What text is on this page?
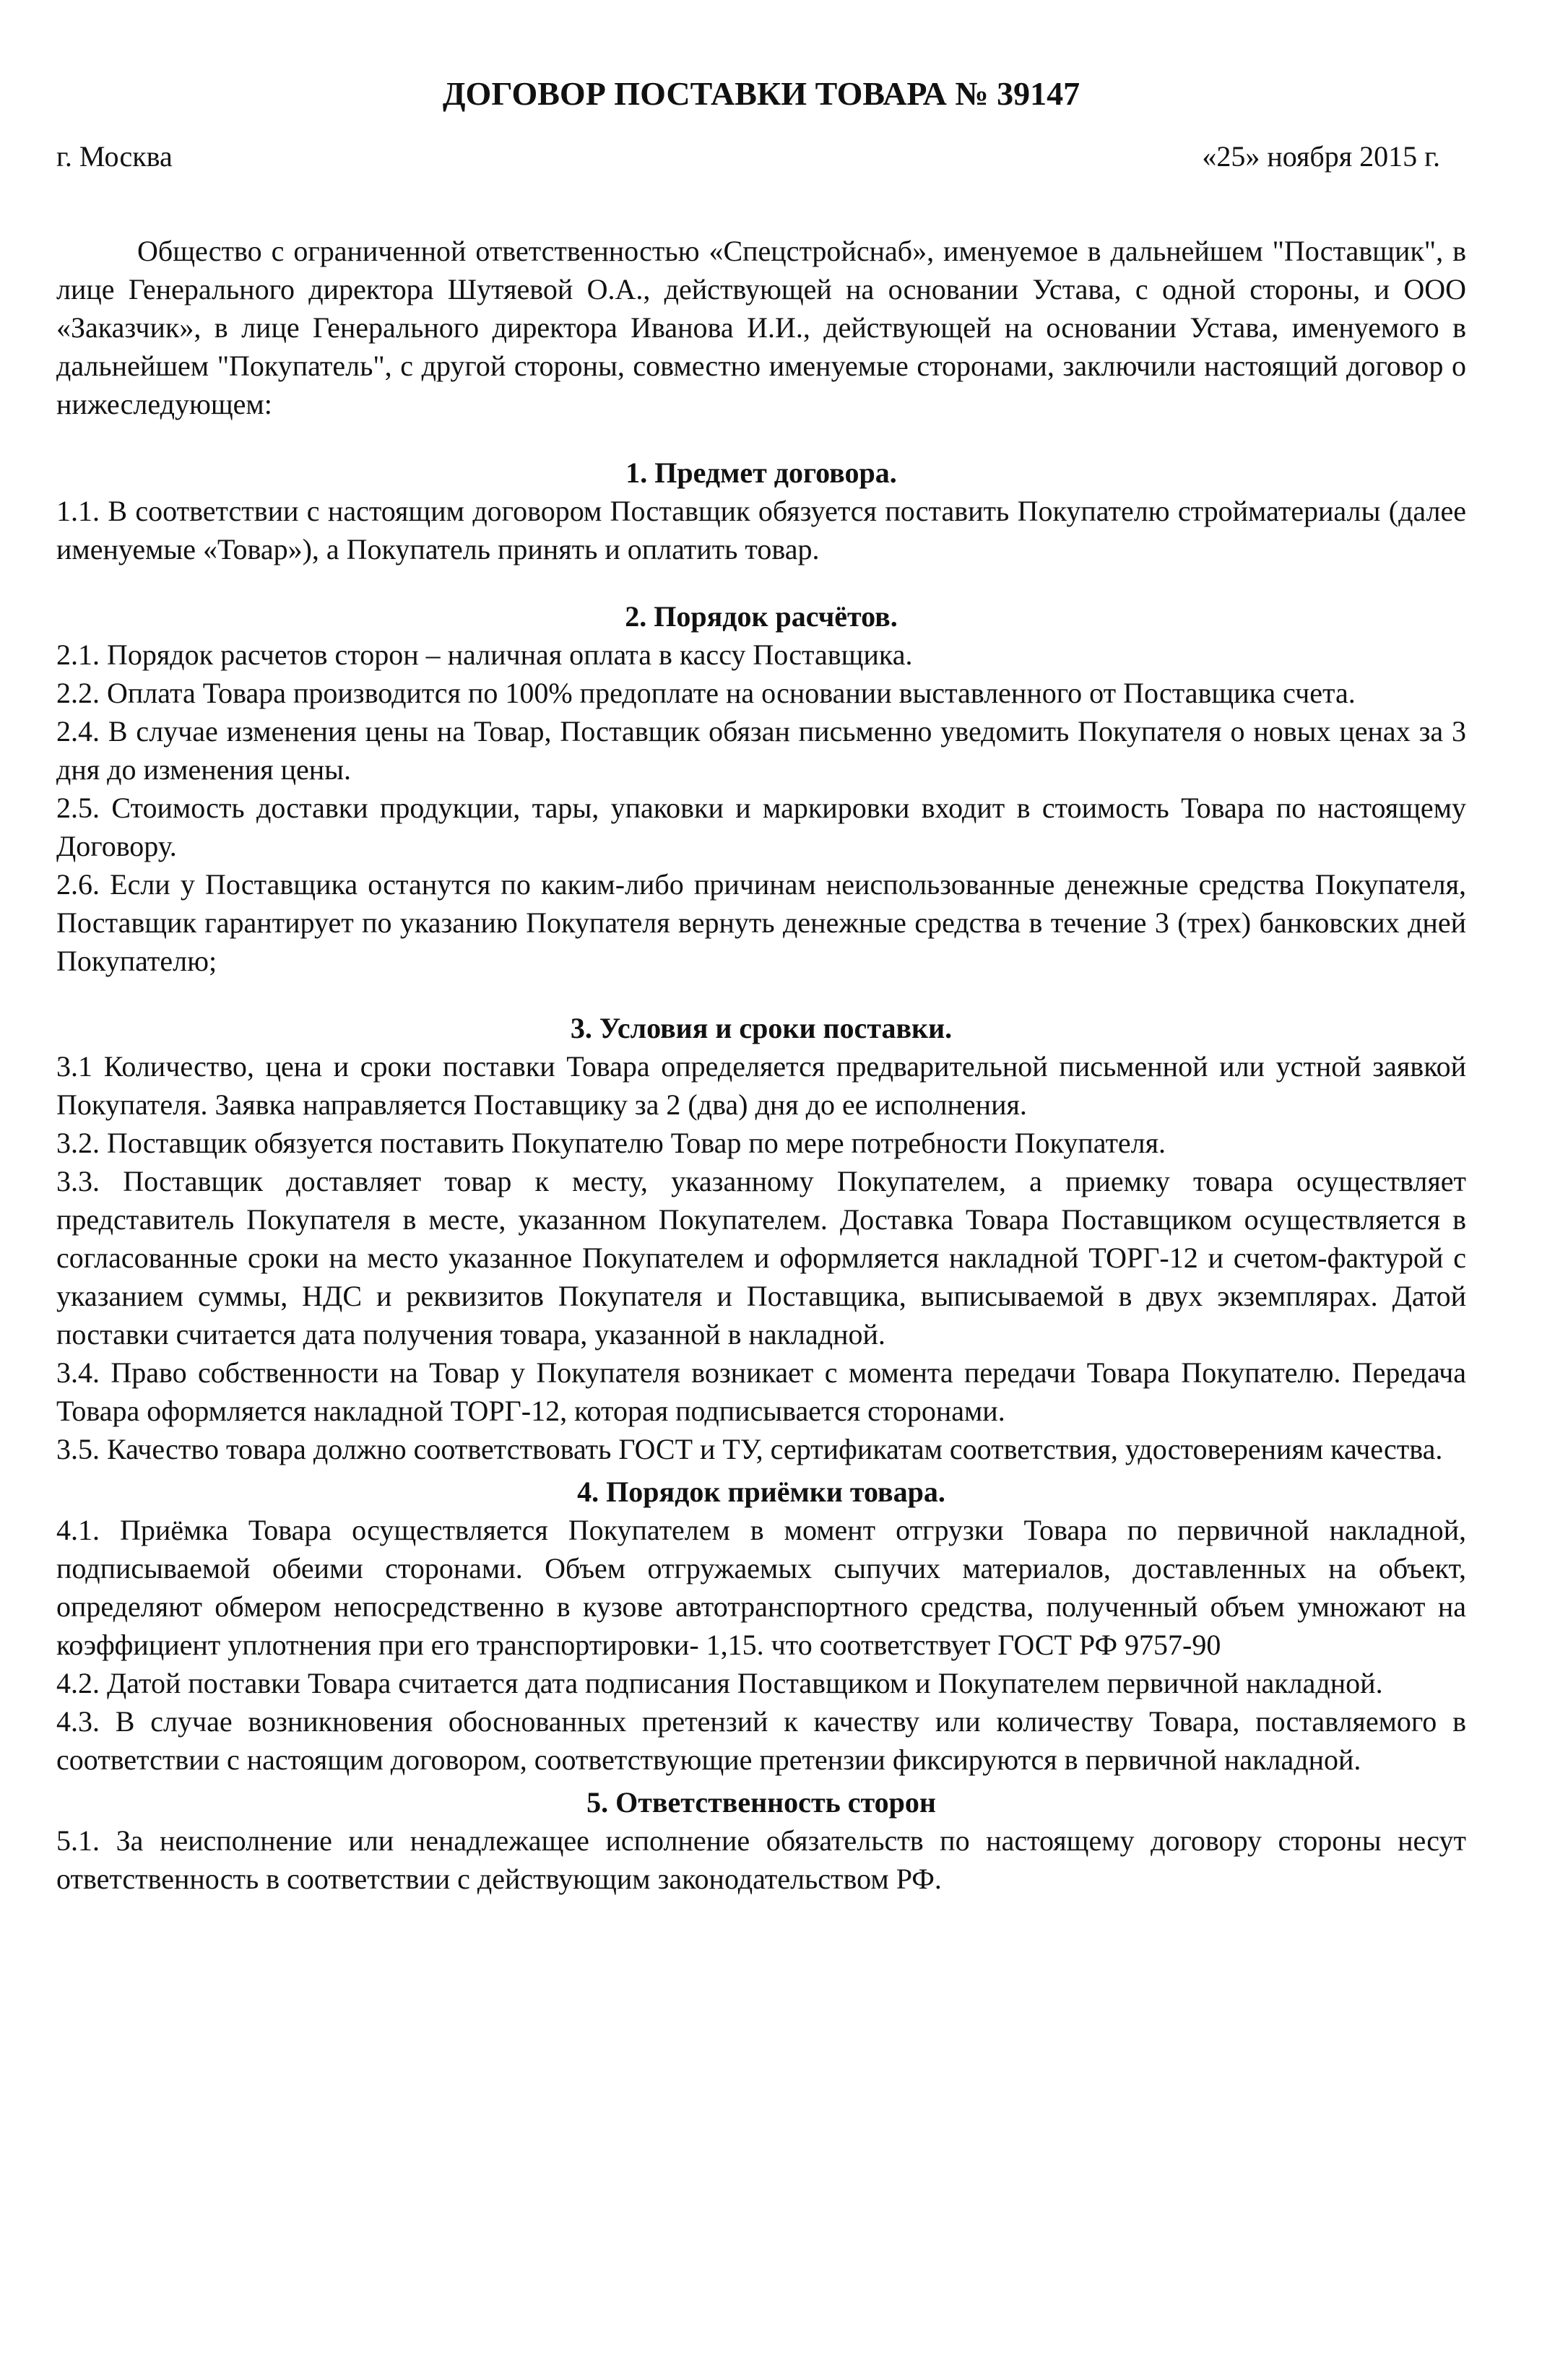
ДОГОВОР ПОСТАВКИ ТОВАРА № 39147
г. Москва	«25» ноября 2015 г.

Общество с ограниченной ответственностью «Спецстройснаб», именуемое в дальнейшем "Поставщик", в лице Генерального директора Шутяевой О.А., действующей на основании Устава, с одной стороны, и ООО «Заказчик», в лице Генерального директора Иванова И.И., действующей на основании Устава, именуемого в дальнейшем "Покупатель", с другой стороны, совместно именуемые сторонами, заключили настоящий договор о нижеследующем:

1. Предмет договора.

1.1. В соответствии с настоящим договором Поставщик обязуется поставить Покупателю стройматериалы (далее именуемые «Товар»), а Покупатель принять и оплатить товар.

2. Порядок расчётов.

2.1. Порядок расчетов сторон – наличная оплата в кассу Поставщика.

2.2. Оплата Товара производится по 100% предоплате на основании выставленного от Поставщика счета.

2.4. В случае изменения цены на Товар, Поставщик обязан письменно уведомить Покупателя о новых ценах за 3 дня до изменения цены.

2.5. Стоимость доставки продукции, тары, упаковки и маркировки входит в стоимость Товара по настоящему Договору.

2.6. Если у Поставщика останутся по каким-либо причинам неиспользованные денежные средства Покупателя, Поставщик гарантирует по указанию Покупателя вернуть денежные средства в течение 3 (трех) банковских дней Покупателю;

3. Условия и сроки поставки.

3.1 Количество, цена и сроки поставки Товара определяется предварительной письменной или устной заявкой Покупателя. Заявка направляется Поставщику за 2 (два) дня до ее исполнения.

3.2. Поставщик обязуется поставить Покупателю Товар по мере потребности Покупателя.

3.3. Поставщик доставляет товар к месту, указанному Покупателем, а приемку товара осуществляет представитель Покупателя в месте, указанном Покупателем. Доставка Товара Поставщиком осуществляется в согласованные сроки на место указанное Покупателем и оформляется накладной ТОРГ-12 и счетом-фактурой с указанием суммы, НДС и реквизитов Покупателя и Поставщика, выписываемой в двух экземплярах. Датой поставки считается дата получения товара, указанной в накладной.

3.4. Право собственности на Товар у Покупателя возникает с момента передачи Товара Покупателю. Передача Товара оформляется накладной ТОРГ-12, которая подписывается сторонами.

3.5. Качество товара должно соответствовать ГОСТ и ТУ, сертификатам соответствия, удостоверениям качества.

4. Порядок приёмки товара.

4.1. Приёмка Товара осуществляется Покупателем в момент отгрузки Товара по первичной накладной, подписываемой обеими сторонами. Объем отгружаемых сыпучих материалов, доставленных на объект, определяют обмером непосредственно в кузове автотранспортного средства, полученный объем умножают на коэффициент уплотнения при его транспортировки- 1,15. что соответствует ГОСТ РФ 9757-90

4.2. Датой поставки Товара считается дата подписания Поставщиком и Покупателем первичной накладной.

4.3. В случае возникновения обоснованных претензий к качеству или количеству Товара, поставляемого в соответствии с настоящим договором, соответствующие претензии фиксируются в первичной накладной.

5. Ответственность сторон

5.1. За неисполнение или ненадлежащее исполнение обязательств по настоящему договору стороны несут ответственность в соответствии с действующим законодательством РФ.
